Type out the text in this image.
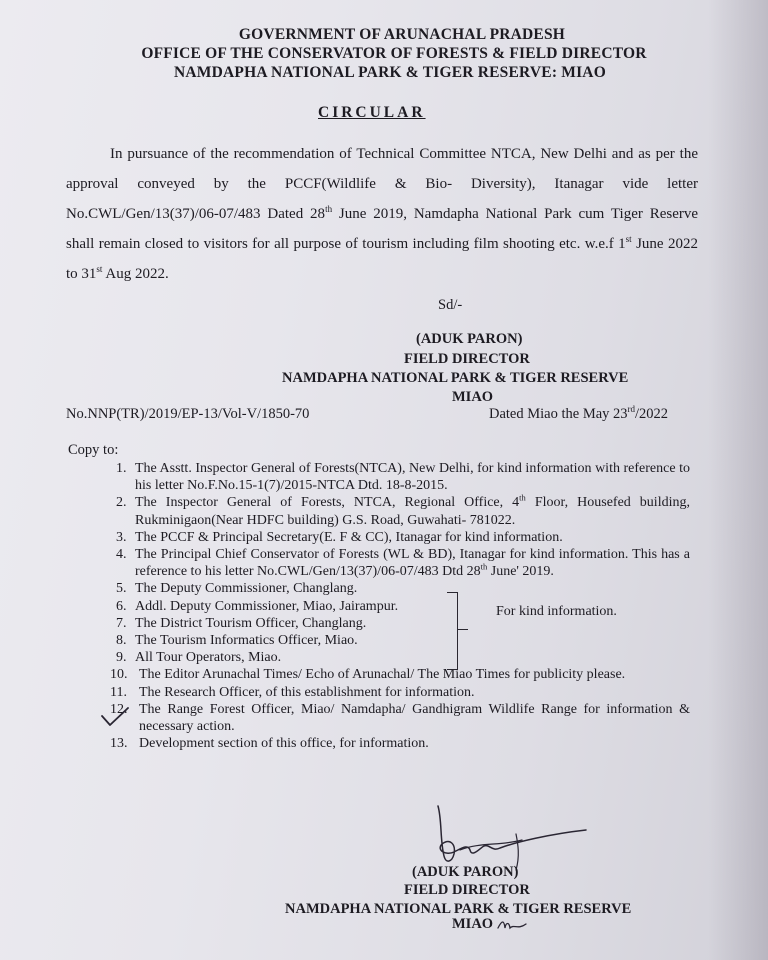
GOVERNMENT OF ARUNACHAL PRADESH
OFFICE OF THE CONSERVATOR OF FORESTS & FIELD DIRECTOR
NAMDAPHA NATIONAL PARK & TIGER RESERVE: MIAO
CIRCULAR
In pursuance of the recommendation of Technical Committee NTCA, New Delhi and as per the approval conveyed by the PCCF(Wildlife & Bio- Diversity), Itanagar vide letter No.CWL/Gen/13(37)/06-07/483 Dated 28th June 2019, Namdapha National Park cum Tiger Reserve shall remain closed to visitors for all purpose of tourism including film shooting etc. w.e.f 1st June 2022 to 31st Aug 2022.
Sd/-
(ADUK PARON)
FIELD DIRECTOR
NAMDAPHA NATIONAL PARK & TIGER RESERVE
MIAO
No.NNP(TR)/2019/EP-13/Vol-V/1850-70	Dated Miao the May 23rd/2022
Copy to:
1. The Asstt. Inspector General of Forests(NTCA), New Delhi, for kind information with reference to his letter No.F.No.15-1(7)/2015-NTCA Dtd. 18-8-2015.
2. The Inspector General of Forests, NTCA, Regional Office, 4th Floor, Housefed building, Rukminigaon(Near HDFC building) G.S. Road, Guwahati- 781022.
3. The PCCF & Principal Secretary(E. F & CC), Itanagar for kind information.
4. The Principal Chief Conservator of Forests (WL & BD), Itanagar for kind information. This has a reference to his letter No.CWL/Gen/13(37)/06-07/483 Dtd 28th June' 2019.
5. The Deputy Commissioner, Changlang.
6. Addl. Deputy Commissioner, Miao, Jairampur.
7. The District Tourism Officer, Changlang.
8. The Tourism Informatics Officer, Miao.
9. All Tour Operators, Miao.
10. The Editor Arunachal Times/ Echo of Arunachal/ The Miao Times for publicity please.
11. The Research Officer, of this establishment for information.
12. The Range Forest Officer, Miao/ Namdapha/ Gandhigram Wildlife Range for information & necessary action.
13. Development section of this office, for information.
For kind information.
(ADUK PARON)
FIELD DIRECTOR
NAMDAPHA NATIONAL PARK & TIGER RESERVE
MIAO
